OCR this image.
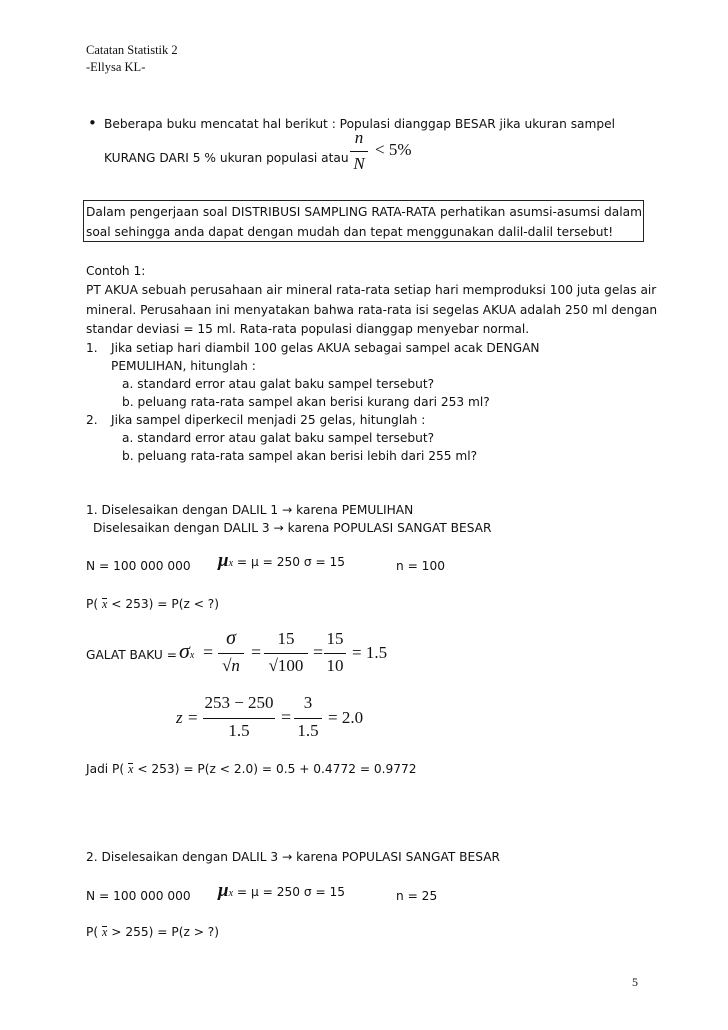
Catatan Statistik 2
-Ellysa KL-
• Beberapa buku mencatat hal berikut : Populasi dianggap BESAR jika ukuran sampel
KURANG DARI 5 % ukuran populasi atau
n
N
< 5%
Dalam pengerjaan soal DISTRIBUSI SAMPLING RATA-RATA perhatikan asumsi-asumsi dalam
soal sehingga anda dapat dengan mudah dan tepat menggunakan dalil-dalil tersebut!
Contoh 1:
PT AKUA sebuah perusahaan air mineral rata-rata setiap hari memproduksi 100 juta gelas air
mineral. Perusahaan ini menyatakan bahwa rata-rata isi segelas AKUA adalah 250 ml dengan
standar deviasi = 15 ml. Rata-rata populasi dianggap menyebar normal.
1. Jika setiap hari diambil 100 gelas AKUA sebagai sampel acak DENGAN
PEMULIHAN, hitunglah :
a. standard error atau galat baku sampel tersebut?
b. peluang rata-rata sampel akan berisi kurang dari 253 ml?
2. Jika sampel diperkecil menjadi 25 gelas, hitunglah :
a. standard error atau galat baku sampel tersebut?
b. peluang rata-rata sampel akan berisi lebih dari 255 ml?
1. Diselesaikan dengan DALIL 1 → karena PEMULIHAN
Diselesaikan dengan DALIL 3 → karena POPULASI SANGAT BESAR
N = 100 000 000 μx = μ = 250 σ = 15	n = 100
P( x < 253) = P(z < ?)
GALAT BAKU = σx =
σ
√n
=
15
√100
=
15
10
= 1.5
z =
253 − 250
1.5
=
3
1.5
= 2.0
Jadi P( x < 253) = P(z < 2.0) = 0.5 + 0.4772 = 0.9772
2. Diselesaikan dengan DALIL 3 → karena POPULASI SANGAT BESAR
N = 100 000 000 μx = μ = 250 σ = 15	n = 25
P( x > 255) = P(z > ?)
5
